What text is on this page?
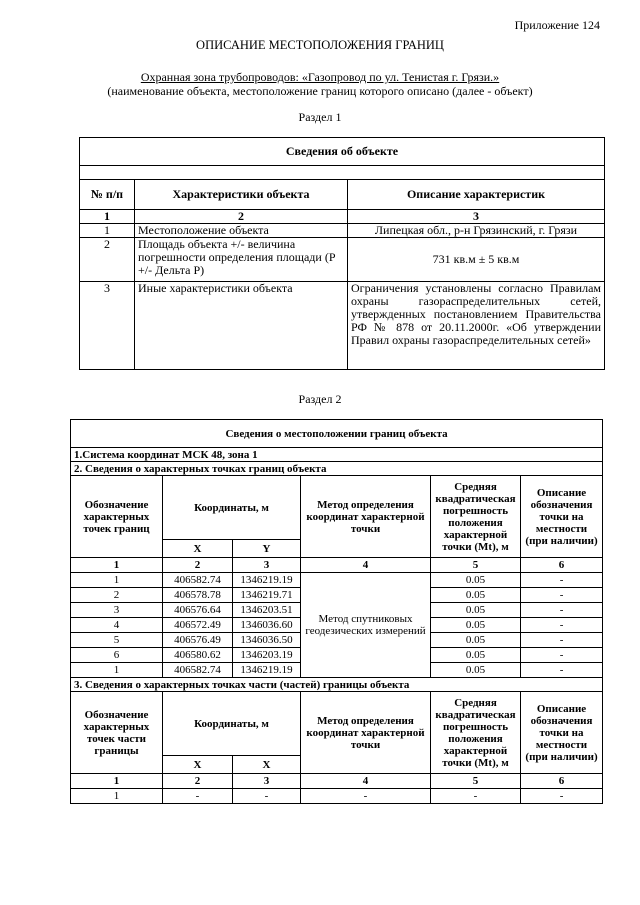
Приложение 124
ОПИСАНИЕ МЕСТОПОЛОЖЕНИЯ ГРАНИЦ
Охранная зона трубопроводов: «Газопровод по ул. Тенистая г. Грязи.»
(наименование объекта, местоположение границ которого описано (далее - объект)
Раздел 1
Сведения об объекте		

№ п/п	Характеристики объекта	Описание характеристик
1	2	3
1	Местоположение объекта	Липецкая обл., р-н Грязинский, г. Грязи
2	Площадь объекта +/- величина погрешности определения площади (Р +/- Дельта Р)	731 кв.м ± 5 кв.м
3	Иные характеристики объекта	Ограничения установлены согласно Правилам охраны газораспределительных сетей, утвержденных постановлением Правительства РФ № 878 от 20.11.2000г. «Об утверждении Правил охраны газораспределительных сетей»
Раздел 2
Сведения о местоположении границ объекта					
1.Система координат МСК 48, зона 1					
2. Сведения о характерных точках границ объекта					
Обозначение характерных точек границ	Координаты, м		Метод определения координат характерной точки	Средняя квадратическая погрешность положения характерной точки (Mt), м	Описание обозначения точки на местности (при наличии)
	X	Y			
1	2	3	4	5	6
1	406582.74	1346219.19	Метод спутниковых геодезических измерений	0.05	-
2	406578.78	1346219.71		0.05	-
3	406576.64	1346203.51		0.05	-
4	406572.49	1346036.60		0.05	-
5	406576.49	1346036.50		0.05	-
6	406580.62	1346203.19		0.05	-
1	406582.74	1346219.19		0.05	-
3. Сведения о характерных точках части (частей) границы объекта					
Обозначение характерных точек части границы	Координаты, м		Метод определения координат характерной точки	Средняя квадратическая погрешность положения характерной точки (Mt), м	Описание обозначения точки на местности (при наличии)
	X	X			
1	2	3	4	5	6
1	-	-	-	-	-
